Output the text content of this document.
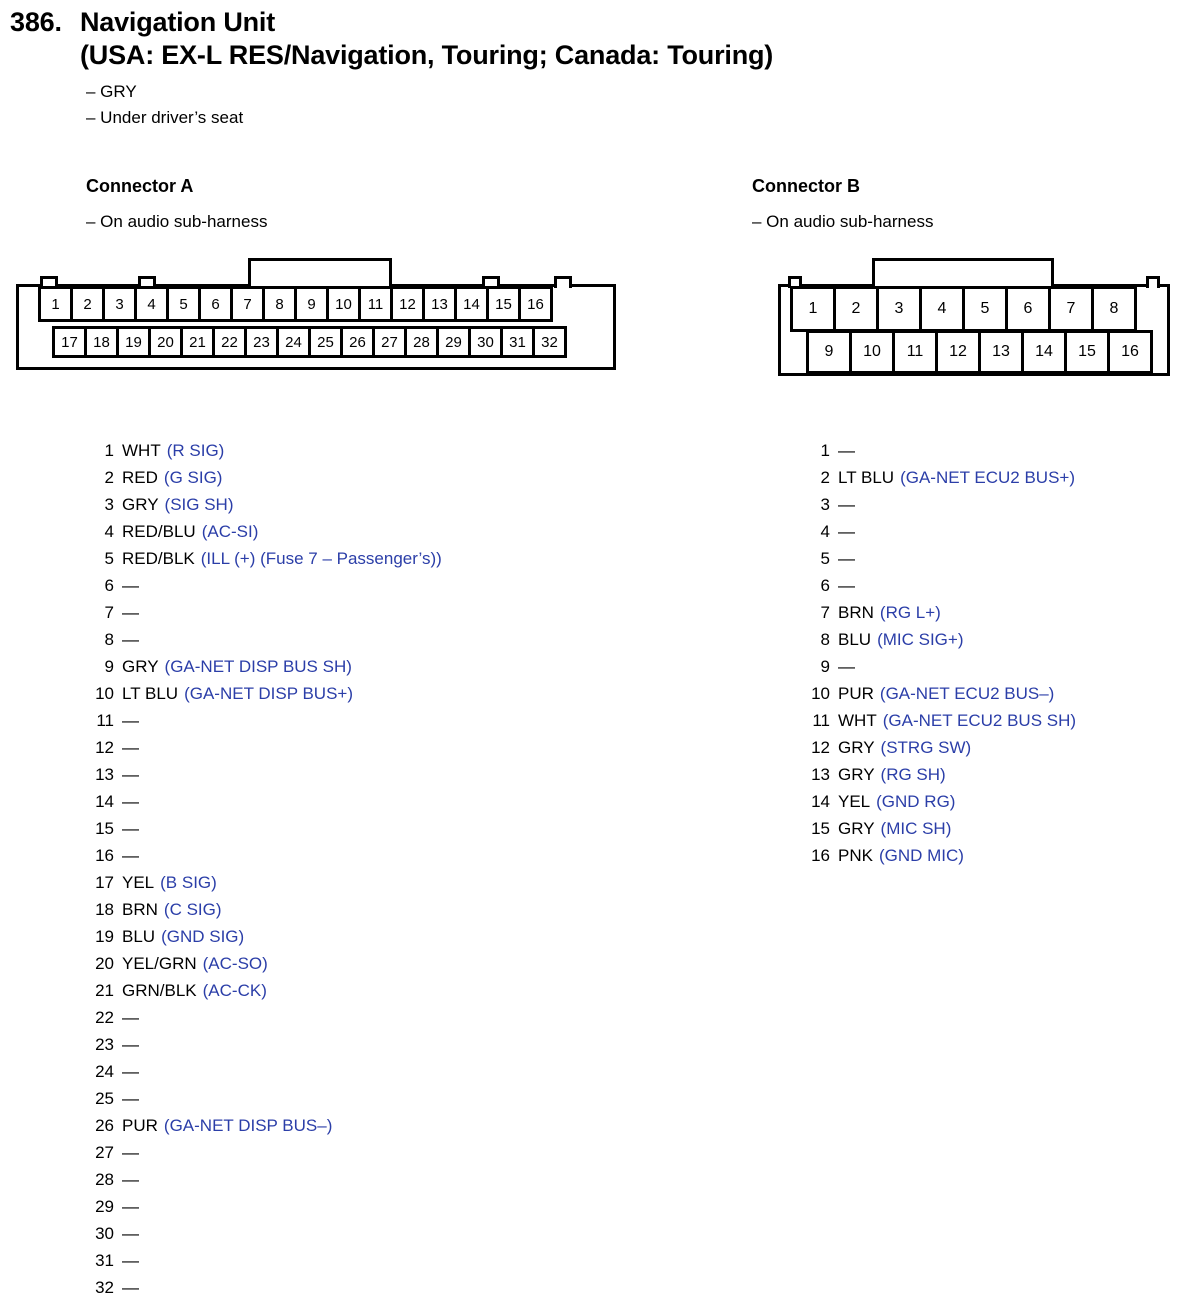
386. Navigation Unit
(USA: EX-L RES/Navigation, Touring; Canada: Touring)
– GRY
– Under driver’s seat
Connector A
– On audio sub-harness
1	2	3	4	5	6	7	8	9	10	11	12	13	14	15	16
17	18	19	20	21	22	23	24	25	26	27	28	29	30	31	32
Connector B
– On audio sub-harness
1	2	3	4	5	6	7	8
9	10	11	12	13	14	15	16
1 WHT (R SIG)
2 RED (G SIG)
3 GRY (SIG SH)
4 RED/BLU (AC-SI)
5 RED/BLK (ILL (+) (Fuse 7 – Passenger’s))
6 —
7 —
8 —
9 GRY (GA-NET DISP BUS SH)
10 LT BLU (GA-NET DISP BUS+)
11 —
12 —
13 —
14 —
15 —
16 —
17 YEL (B SIG)
18 BRN (C SIG)
19 BLU (GND SIG)
20 YEL/GRN (AC-SO)
21 GRN/BLK (AC-CK)
22 —
23 —
24 —
25 —
26 PUR (GA-NET DISP BUS–)
27 —
28 —
29 —
30 —
31 —
32 —
1 —
2 LT BLU (GA-NET ECU2 BUS+)
3 —
4 —
5 —
6 —
7 BRN (RG L+)
8 BLU (MIC SIG+)
9 —
10 PUR (GA-NET ECU2 BUS–)
11 WHT (GA-NET ECU2 BUS SH)
12 GRY (STRG SW)
13 GRY (RG SH)
14 YEL (GND RG)
15 GRY (MIC SH)
16 PNK (GND MIC)
